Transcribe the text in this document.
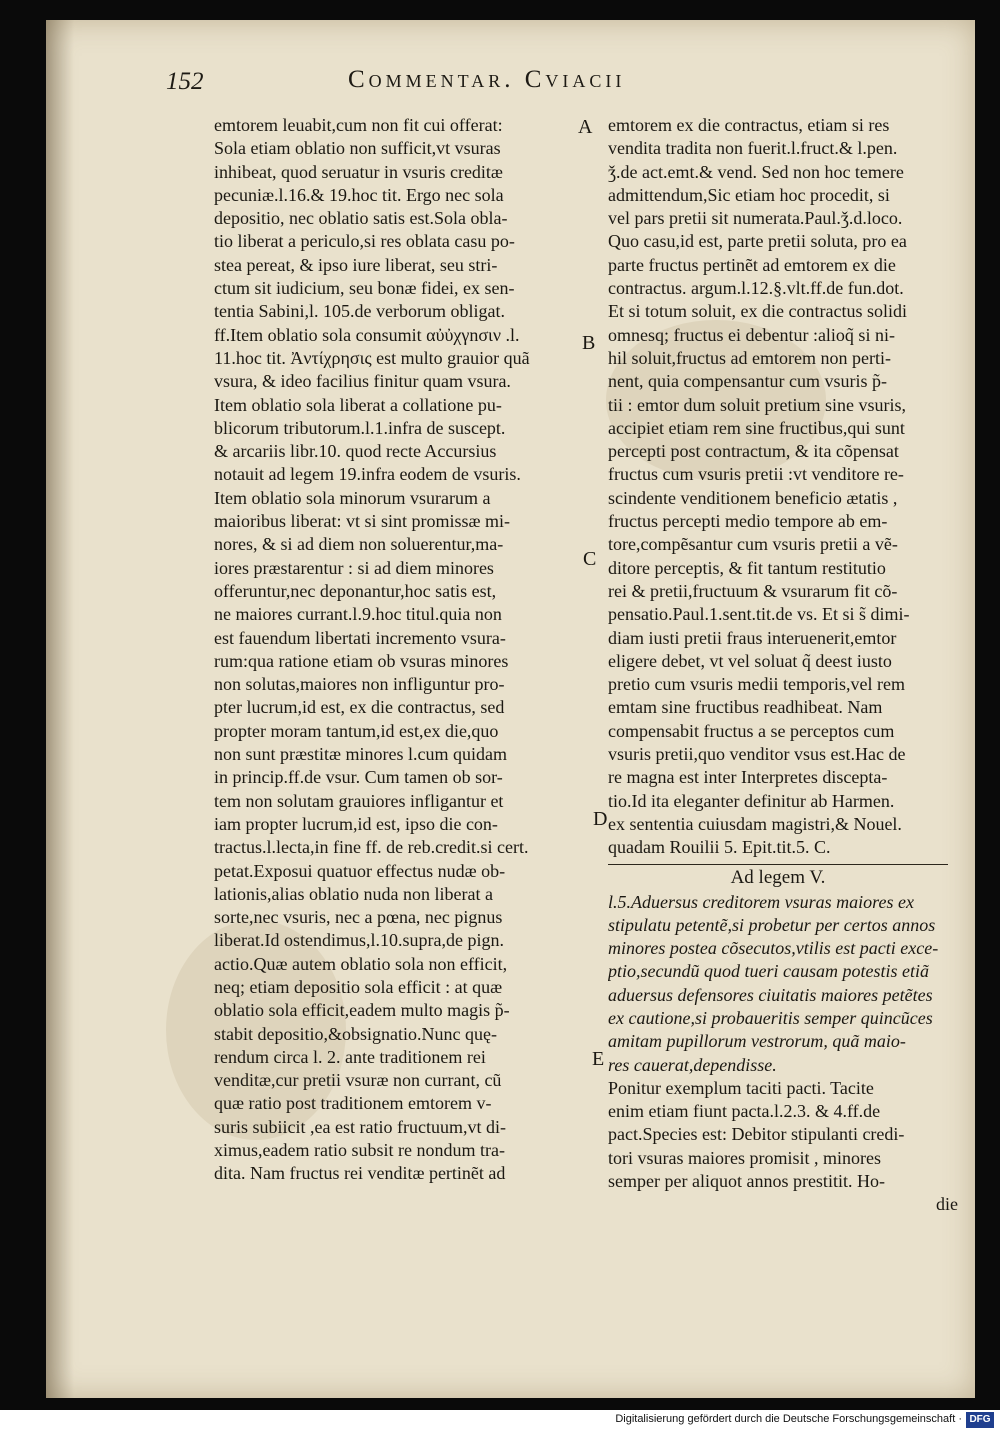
152	Commentar. Cviacii
emtorem leuabit,cum non fit cui offerat:
Sola etiam oblatio non sufficit,vt vsuras
inhibeat, quod seruatur in vsuris creditæ
pecuniæ.l.16.& 19.hoc tit. Ergo nec sola
depositio, nec oblatio satis est.Sola obla-
tio liberat a periculo,si res oblata casu po-
stea pereat, & ipso iure liberat, seu stri-
ctum sit iudicium, seu bonæ fidei, ex sen-
tentia Sabini,l. 105.de verborum obligat.
ff.Item oblatio sola consumit αὐὐχγnσιν .l.
11.hoc tit. Ἀντίχρησις est multo grauior quã
vsura, & ideo facilius finitur quam vsura.
Item oblatio sola liberat a collatione pu-
blicorum tributorum.l.1.infra de suscept.
& arcariis libr.10. quod recte Accursius
notauit ad legem 19.infra eodem de vsuris.
Item oblatio sola minorum vsurarum a
maioribus liberat: vt si sint promissæ mi-
nores, & si ad diem non soluerentur,ma-
iores præstarentur : si ad diem minores
offeruntur,nec deponantur,hoc satis est,
ne maiores currant.l.9.hoc titul.quia non
est fauendum libertati incremento vsura-
rum:qua ratione etiam ob vsuras minores
non solutas,maiores non infliguntur pro-
pter lucrum,id est, ex die contractus, sed
propter moram tantum,id est,ex die,quo
non sunt præstitæ minores l.cum quidam
in princip.ff.de vsur. Cum tamen ob sor-
tem non solutam grauiores infligantur et
iam propter lucrum,id est, ipso die con-
tractus.l.lecta,in fine ff. de reb.credit.si cert.
petat.Exposui quatuor effectus nudæ ob-
lationis,alias oblatio nuda non liberat a
sorte,nec vsuris, nec a pœna, nec pignus
liberat.Id ostendimus,l.10.supra,de pign.
actio.Quæ autem oblatio sola non efficit,
neq; etiam depositio sola efficit : at quæ
oblatio sola efficit,eadem multo magis p̃-
stabit depositio,&obsignatio.Nunc quę-
rendum circa l. 2. ante traditionem rei
venditæ,cur pretii vsuræ non currant, cũ
quæ ratio post traditionem emtorem v-
suris subiicit ,ea est ratio fructuum,vt di-
ximus,eadem ratio subsit re nondum tra-
dita. Nam fructus rei venditæ pertinẽt ad
A
B
C
D
E
emtorem ex die contractus, etiam si res
vendita tradita non fuerit.l.fruct.& l.pen.
ǯ.de act.emt.& vend. Sed non hoc temere
admittendum,Sic etiam hoc procedit, si
vel pars pretii sit numerata.Paul.ǯ.d.loco.
Quo casu,id est, parte pretii soluta, pro ea
parte fructus pertinẽt ad emtorem ex die
contractus. argum.l.12.§.vlt.ff.de fun.dot.
Et si totum soluit, ex die contractus solidi
omnesq; fructus ei debentur :alioq̃ si ni-
hil soluit,fructus ad emtorem non perti-
nent, quia compensantur cum vsuris p̃-
tii : emtor dum soluit pretium sine vsuris,
accipiet etiam rem sine fructibus,qui sunt
percepti post contractum, & ita cõpensat
fructus cum vsuris pretii :vt venditore re-
scindente venditionem beneficio ætatis ,
fructus percepti medio tempore ab em-
tore,compẽsantur cum vsuris pretii a vẽ-
ditore perceptis, & fit tantum restitutio
rei & pretii,fructuum & vsurarum fit cõ-
pensatio.Paul.1.sent.tit.de vs. Et si s̃ dimi-
diam iusti pretii fraus interuenerit,emtor
eligere debet, vt vel soluat q̃ deest iusto
pretio cum vsuris medii temporis,vel rem
emtam sine fructibus readhibeat. Nam
compensabit fructus a se perceptos cum
vsuris pretii,quo venditor vsus est.Hac de
re magna est inter Interpretes discepta-
tio.Id ita eleganter definitur ab Harmen.
ex sententia cuiusdam magistri,& Nouel.
quadam Rouilii 5. Epit.tit.5. C.
Ad legem V.
l.5.Aduersus creditorem vsuras maiores ex
stipulatu petentẽ,si probetur per certos annos
minores postea cõsecutos,vtilis est pacti exce-
ptio,secundũ quod tueri causam potestis etiã
aduersus defensores ciuitatis maiores petẽtes
ex cautione,si probaueritis semper quincũces
amitam pupillorum vestrorum, quã maio-
res cauerat,dependisse.
Ponitur exemplum taciti pacti. Tacite
enim etiam fiunt pacta.l.2.3. & 4.ff.de
pact.Species est: Debitor stipulanti credi-
tori vsuras maiores promisit , minores
semper per aliquot annos prestitit. Ho-
die
Digitalisierung gefördert durch die Deutsche Forschungsgemeinschaft · DFG
